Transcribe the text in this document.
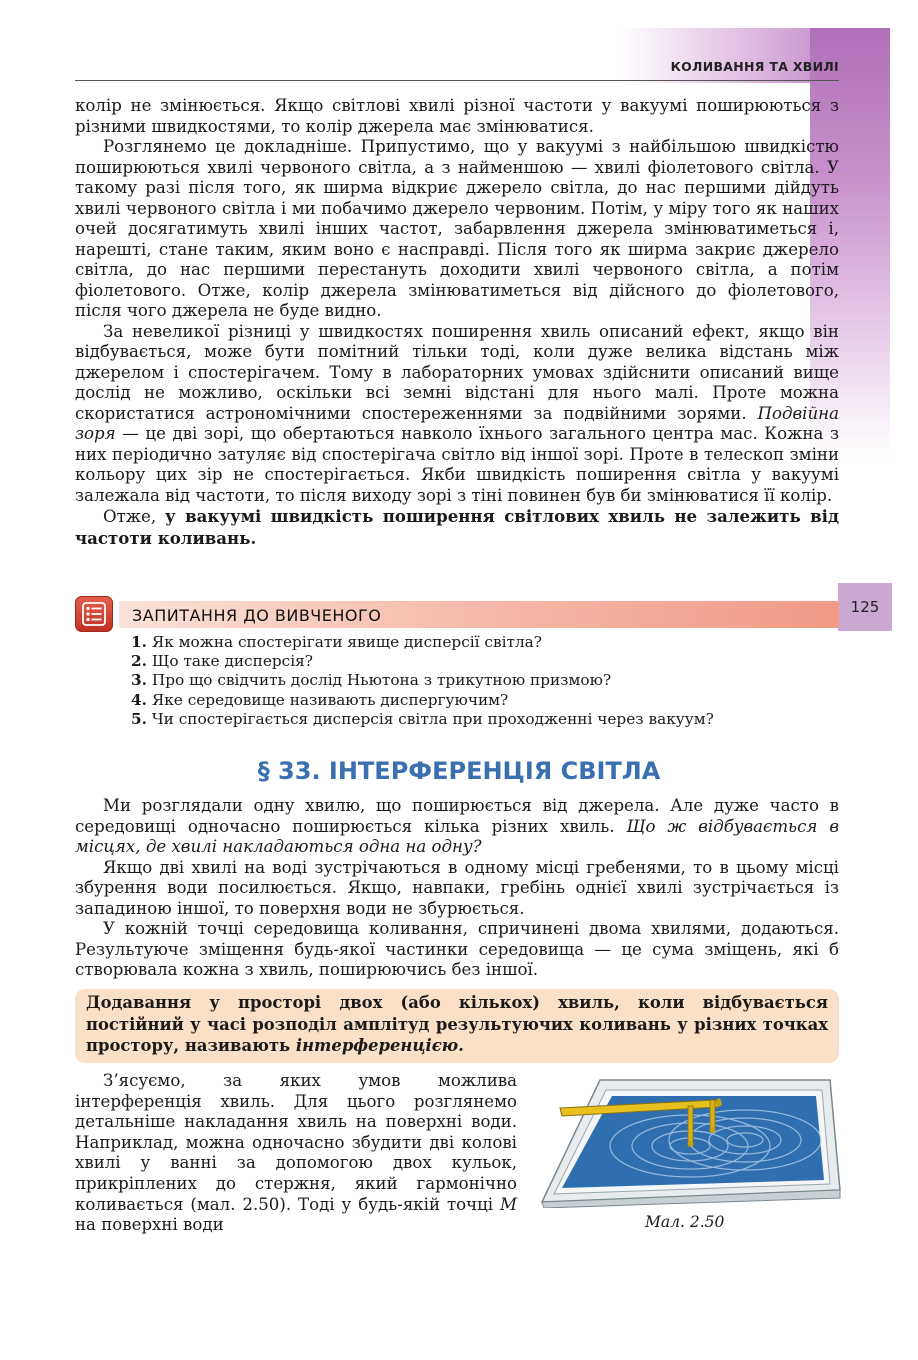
КОЛИВАННЯ ТА ХВИЛІ
125

колір не змінюється. Якщо світлові хвилі різної частоти у вакуумі поширюються з різними швидкостями, то колір джерела має змінюватися.

Розглянемо це докладніше. Припустимо, що у вакуумі з найбільшою швидкістю поширюються хвилі червоного світла, а з найменшою — хвилі фіолетового світла. У такому разі після того, як ширма відкриє джерело світла, до нас першими дійдуть хвилі червоного світла і ми побачимо джерело червоним. Потім, у міру того як наших очей досягатимуть хвилі інших частот, забарвлення джерела змінюватиметься і, нарешті, стане таким, яким воно є насправді. Після того як ширма закриє джерело світла, до нас першими перестануть доходити хвилі червоного світла, а потім фіолетового. Отже, колір джерела змінюватиметься від дійсного до фіолетового, після чого джерела не буде видно.

За невеликої різниці у швидкостях поширення хвиль описаний ефект, якщо він відбувається, може бути помітний тільки тоді, коли дуже велика відстань між джерелом і спостерігачем. Тому в лабораторних умовах здійснити описаний вище дослід не можливо, оскільки всі земні відстані для нього малі. Проте можна скористатися астрономічними спостереженнями за подвійними зорями. Подвійна зоря — це дві зорі, що обертаються навколо їхнього загального центра мас. Кожна з них періодично затуляє від спостерігача світло від іншої зорі. Проте в телескоп зміни кольору цих зір не спостерігається. Якби швидкість поширення світла у вакуумі залежала від частоти, то після виходу зорі з тіні повинен був би змінюватися її колір.

Отже, у вакуумі швидкість поширення світлових хвиль не залежить від частоти коливань.

ЗАПИТАННЯ ДО ВИВЧЕНОГО
1. Як можна спостерігати явище дисперсії світла?
2. Що таке дисперсія?
3. Про що свідчить дослід Ньютона з трикутною призмою?
4. Яке середовище називають диспергуючим?
5. Чи спостерігається дисперсія світла при проходженні через вакуум?
§ 33. ІНТЕРФЕРЕНЦІЯ СВІТЛА

Ми розглядали одну хвилю, що поширюється від джерела. Але дуже часто в середовищі одночасно поширюється кілька різних хвиль. Що ж відбувається в місцях, де хвилі накладаються одна на одну?

Якщо дві хвилі на воді зустрічаються в одному місці гребенями, то в цьому місці збурення води посилюється. Якщо, навпаки, гребінь однієї хвилі зустрічається із западиною іншої, то поверхня води не збурюється.

У кожній точці середовища коливання, спричинені двома хвилями, додаються. Результуюче зміщення будь-якої частинки середовища — це сума зміщень, які б створювала кожна з хвиль, поширюючись без іншої.

Додавання у просторі двох (або кількох) хвиль, коли відбувається постійний у часі розподіл амплітуд результуючих коливань у різних точках простору, називають інтерференцією.

З’ясуємо, за яких умов можлива інтерференція хвиль. Для цього розглянемо детальніше накладання хвиль на поверхні води. Наприклад, можна одночасно збудити дві колові хвилі у ванні за допомогою двох кульок, прикріплених до стержня, який гармонічно коливається (мал. 2.50). Тоді у будь-якій точці M на поверхні води	Мал. 2.50
